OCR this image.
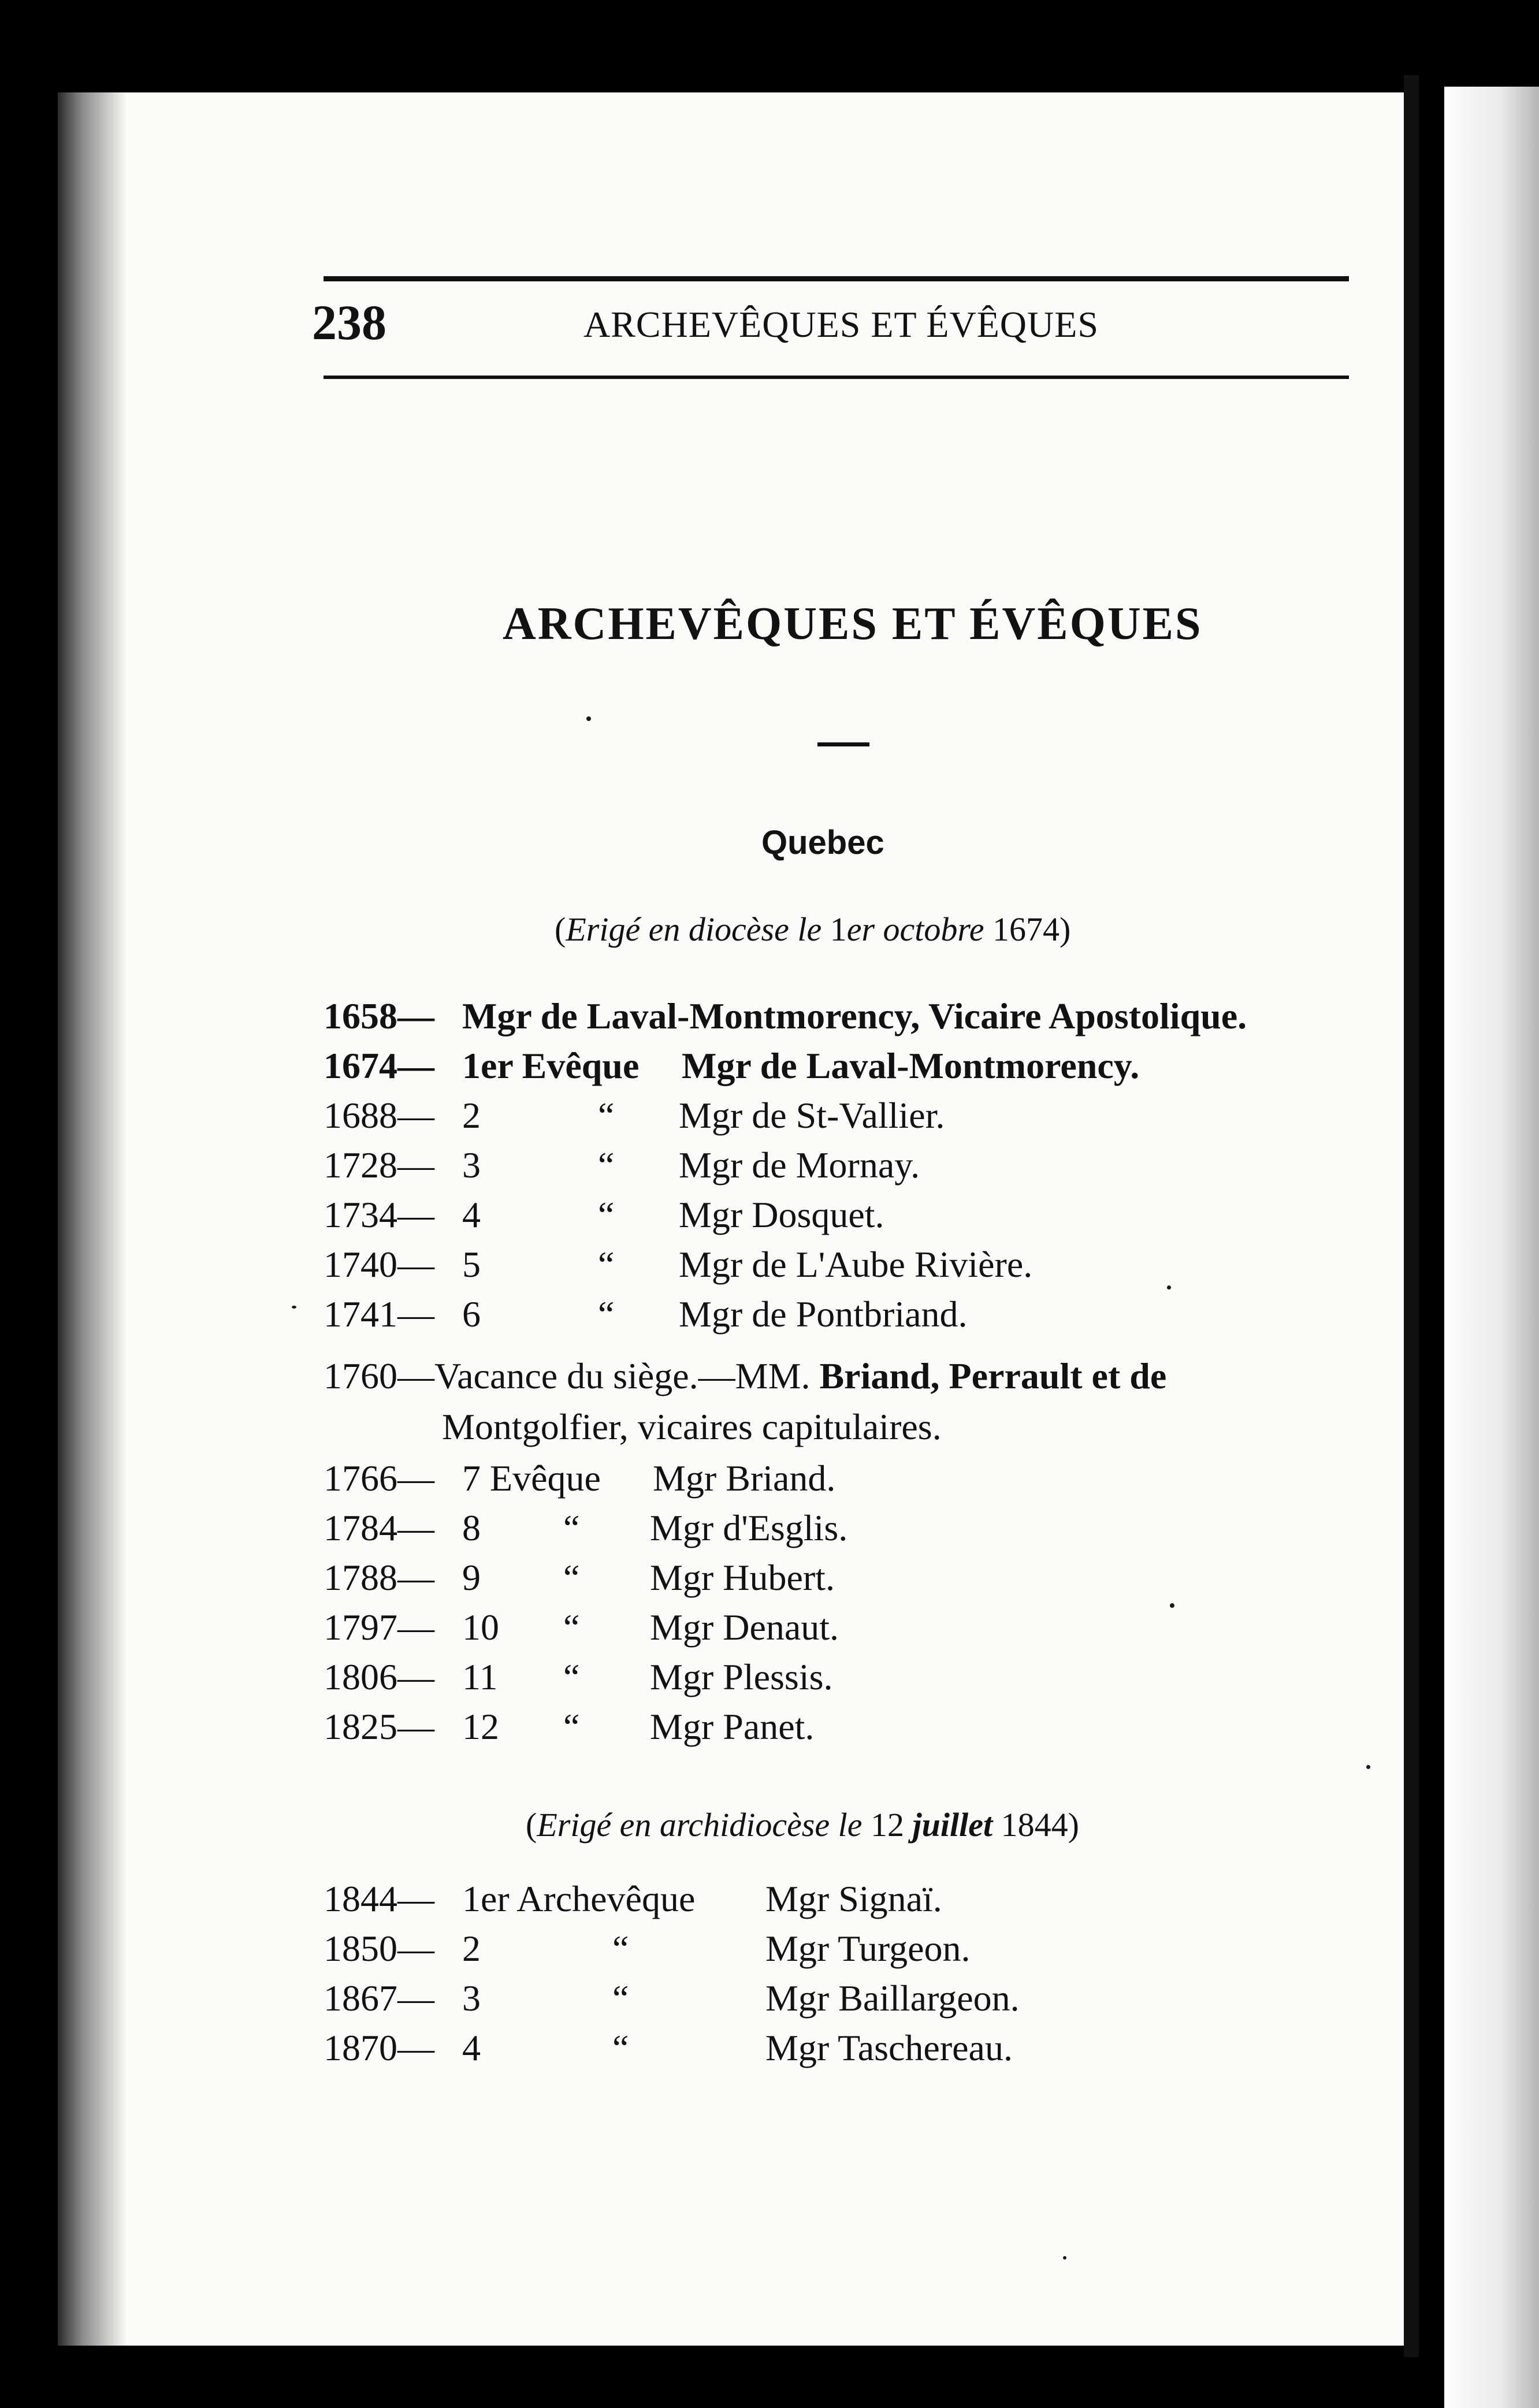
238	ARCHEVÊQUES ET ÉVÊQUES
ARCHEVÊQUES ET ÉVÊQUES
Quebec
(Erigé en diocèse le 1er octobre 1674)
1658— Mgr de Laval-Montmorency, Vicaire Apostolique.
1674— 1er Evêque Mgr de Laval-Montmorency.
1688— 2	“ Mgr de St-Vallier.
1728— 3	“ Mgr de Mornay.
1734— 4	“ Mgr Dosquet.
1740— 5	“ Mgr de L'Aube Rivière.
1741— 6	“ Mgr de Pontbriand.
1760—Vacance du siège.—MM. Briand, Perrault et de
Montgolfier, vicaires capitulaires.
1766— 7 Evêque Mgr Briand.
1784— 8 “ Mgr d'Esglis.
1788— 9 “ Mgr Hubert.
1797— 10 “ Mgr Denaut.
1806— 11 “ Mgr Plessis.
1825— 12 “ Mgr Panet.
(Erigé en archidiocèse le 12 juillet 1844)
1844— 1er Archevêque Mgr Signaï.
1850— 2	“	Mgr Turgeon.
1867— 3	“	Mgr Baillargeon.
1870— 4	“	Mgr Taschereau.
